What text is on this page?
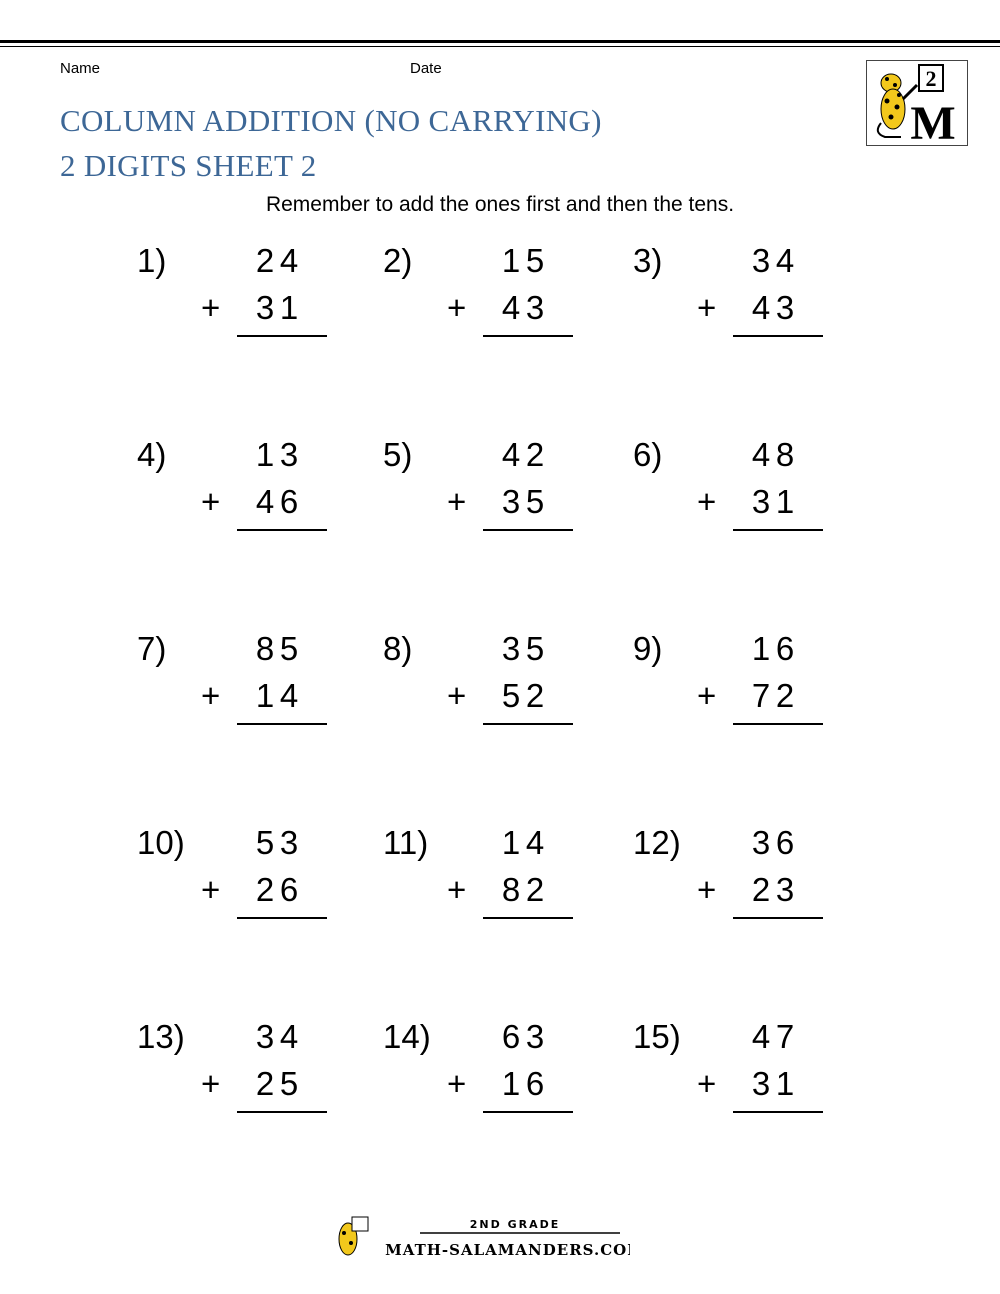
Name	Date
COLUMN ADDITION (NO CARRYING)
2 DIGITS SHEET 2
Remember to add the ones first and then the tens.
2
M
1)	2 4
+ 3 1
2)	1 5
+ 4 3
3)	3 4
+ 4 3
4)	1 3
+ 4 6
5)	4 2
+ 3 5
6)	4 8
+ 3 1
7)	8 5
+ 1 4
8)	3 5
+ 5 2
9)	1 6
+ 7 2
10) 5 3
+ 2 6
11) 1 4
+ 8 2
12) 3 6
+ 2 3
13) 3 4
+ 2 5
14) 6 3
+ 1 6
15) 4 7
+ 3 1
2ND GRADE
MATH-SALAMANDERS.COM
